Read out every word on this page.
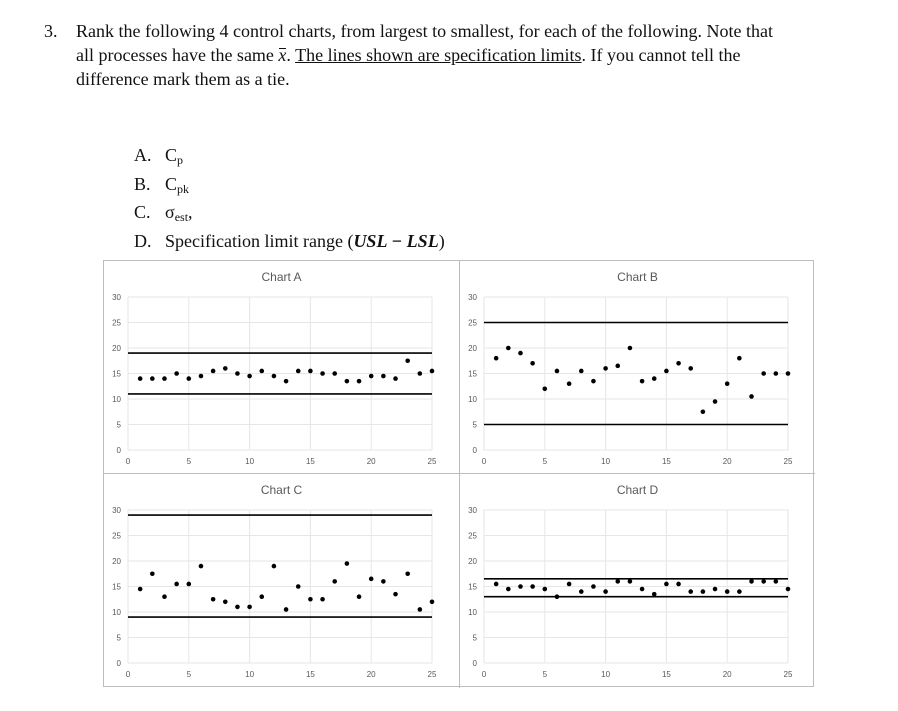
3. Rank the following 4 control charts, from largest to smallest, for each of the following. Note that
all processes have the same x. The lines shown are specification limits. If you cannot tell the
difference mark them as a tie.
A. $C_p$
B. $C_{pk}$
C. $\sigma_{est}$,
D. Specification limit range (USL − LSL)
Chart A
0
5
10
15
20
25
30
0	5	10	15	20	25
Chart B
0
5
10
15
20
25
30
0	5	10	15	20	25
Chart C
0
5
10
15
20
25
30
0	5	10	15	20	25
Chart D
0
5
10
15
20
25
30
0	5	10	15	20	25
